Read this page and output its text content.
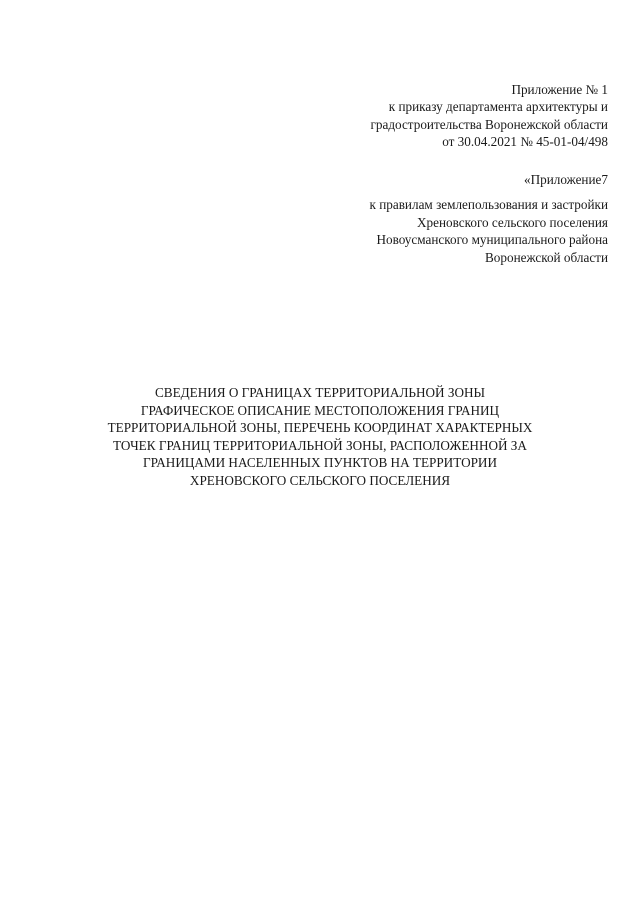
Приложение № 1
к приказу департамента архитектуры и
градостроительства Воронежской области
от 30.04.2021 № 45-01-04/498
«Приложение7
к правилам землепользования и застройки
Хреновского сельского поселения
Новоусманского муниципального района
Воронежской области
СВЕДЕНИЯ О ГРАНИЦАХ ТЕРРИТОРИАЛЬНОЙ ЗОНЫ
ГРАФИЧЕСКОЕ ОПИСАНИЕ МЕСТОПОЛОЖЕНИЯ ГРАНИЦ
ТЕРРИТОРИАЛЬНОЙ ЗОНЫ, ПЕРЕЧЕНЬ КООРДИНАТ ХАРАКТЕРНЫХ
ТОЧЕК ГРАНИЦ ТЕРРИТОРИАЛЬНОЙ ЗОНЫ, РАСПОЛОЖЕННОЙ ЗА
ГРАНИЦАМИ НАСЕЛЕННЫХ ПУНКТОВ НА ТЕРРИТОРИИ
ХРЕНОВСКОГО СЕЛЬСКОГО ПОСЕЛЕНИЯ
